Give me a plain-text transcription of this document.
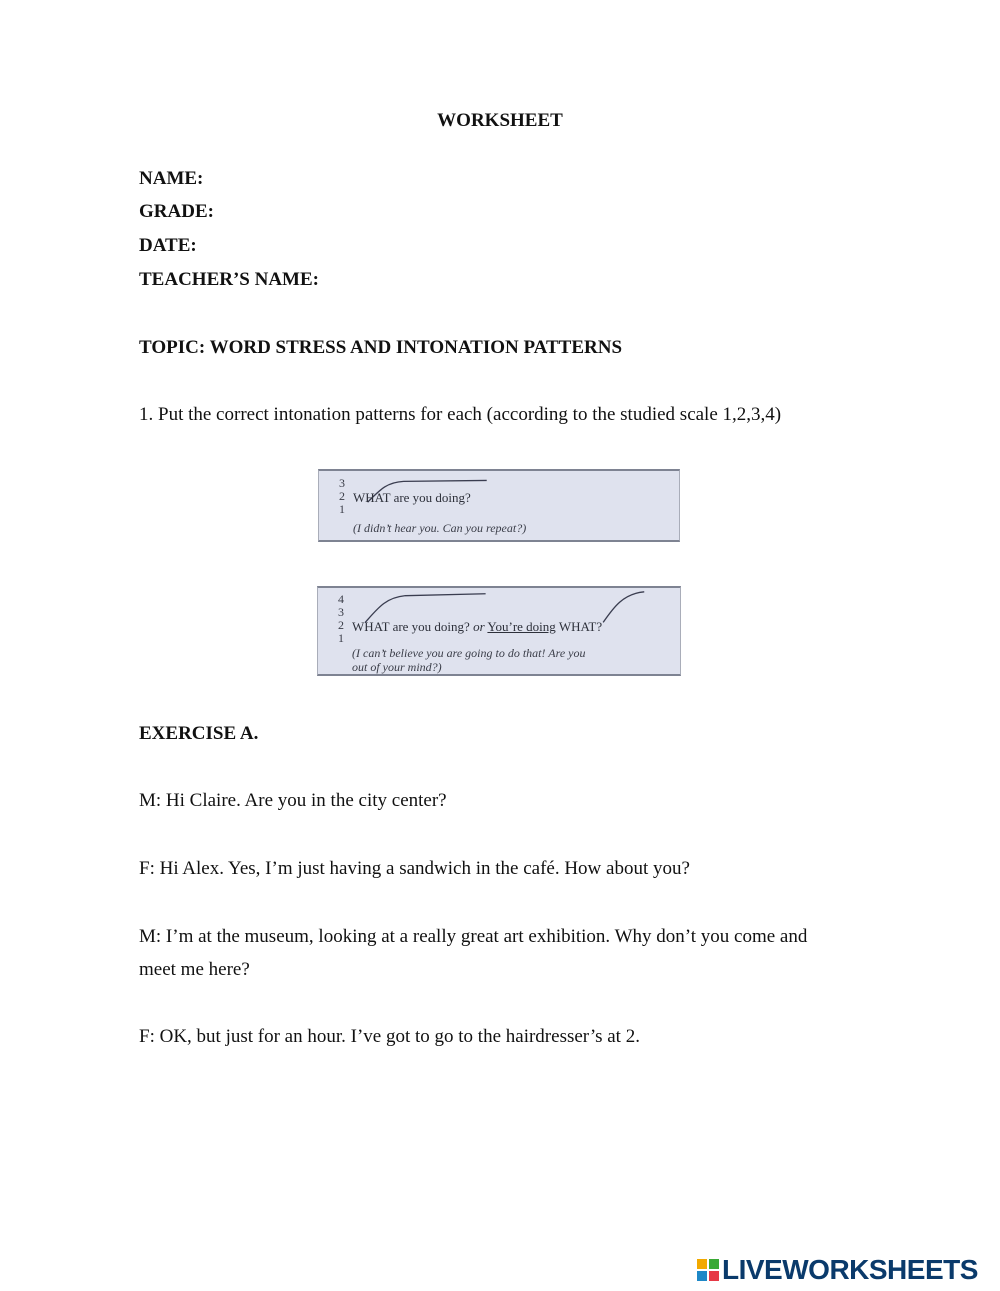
WORKSHEET

NAME:

GRADE:

DATE:

TEACHER’S NAME:

TOPIC: WORD STRESS AND INTONATION PATTERNS

1. Put the correct intonation patterns for each (according to the studied scale 1,2,3,4)

3
2
1
WHAT are you doing?
(I didn’t hear you. Can you repeat?)
4
3
2
1
WHAT are you doing? or You’re doing WHAT?
(I can’t believe you are going to do that! Are you
out of your mind?)

EXERCISE A.

M: Hi Claire. Are you in the city center?

F: Hi Alex. Yes, I’m just having a sandwich in the café. How about you?

M: I’m at the museum, looking at a really great art exhibition. Why don’t you come and

meet me here?

F: OK, but just for an hour. I’ve got to go to the hairdresser’s at 2.

LIVEWORKSHEETS
